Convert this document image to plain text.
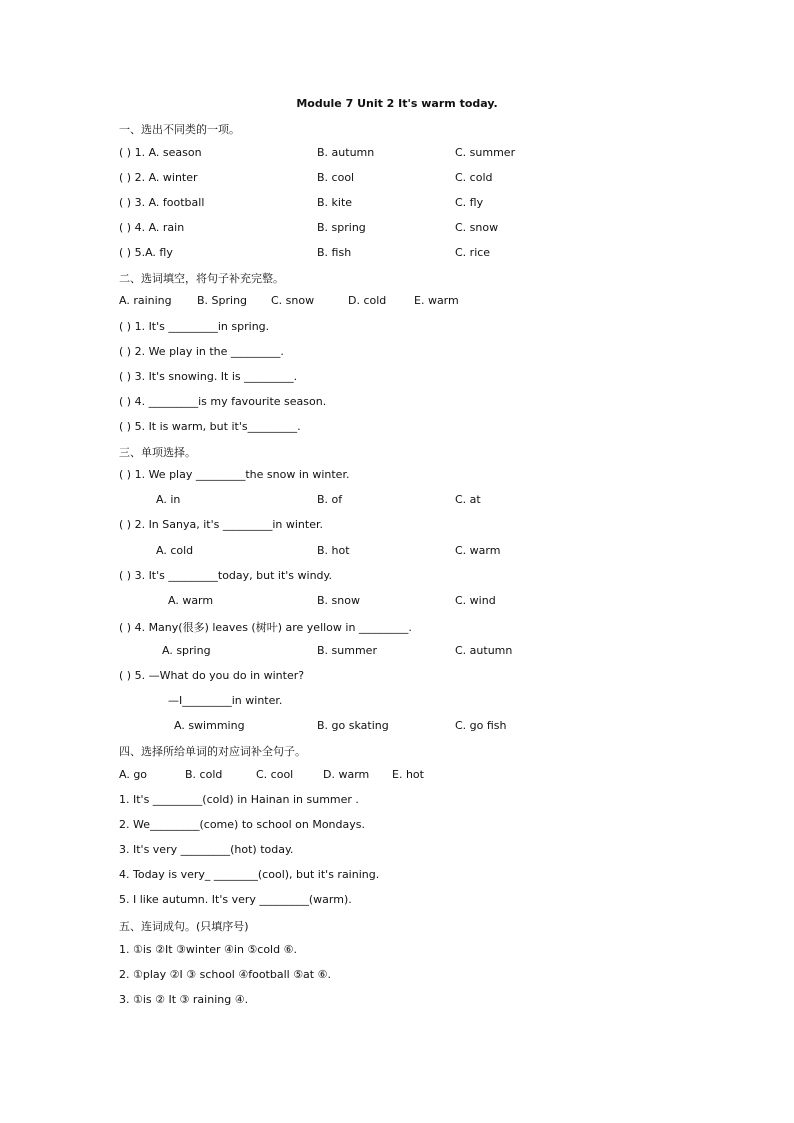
Module 7 Unit 2 It's warm today.
一、选出不同类的一项。
( ) 1. A. season	B. autumn	C. summer
( ) 2. A. winter	B. cool	C. cold
( ) 3. A. football	B. kite	C. fly
( ) 4. A. rain	B. spring	C. snow
( ) 5.A. fly	B. fish	C. rice
二、选词填空，将句子补充完整。
A. raining B. Spring C. snow	D. cold	E. warm
( ) 1. It's _________in spring.
( ) 2. We play in the _________.
( ) 3. It's snowing. It is _________.
( ) 4. _________is my favourite season.
( ) 5. It is warm, but it's_________.
三、单项选择。
( ) 1. We play _________the snow in winter.
A. in	B. of	C. at
( ) 2. In Sanya, it's _________in winter.
A. cold	B. hot	C. warm
( ) 3. It's _________today, but it's windy.
A. warm	B. snow	C. wind
( ) 4. Many(很多) leaves (树叶) are yellow in _________.
A. spring	B. summer	C. autumn
( ) 5. —What do you do in winter?
—I_________in winter.
A. swimming	B. go skating	C. go fish
四、选择所给单词的对应词补全句子。
A. go	B. cold	C. cool	D. warm E. hot
1. It's _________(cold) in Hainan in summer .
2. We_________(come) to school on Mondays.
3. It's very _________(hot) today.
4. Today is very_ ________(cool), but it's raining.
5. I like autumn. It's very _________(warm).
五、连词成句。(只填序号)
1. ①is ②It ③winter ④in ⑤cold ⑥.
2. ①play ②I ③ school ④football ⑤at ⑥.
3. ①is ② It ③ raining ④.
